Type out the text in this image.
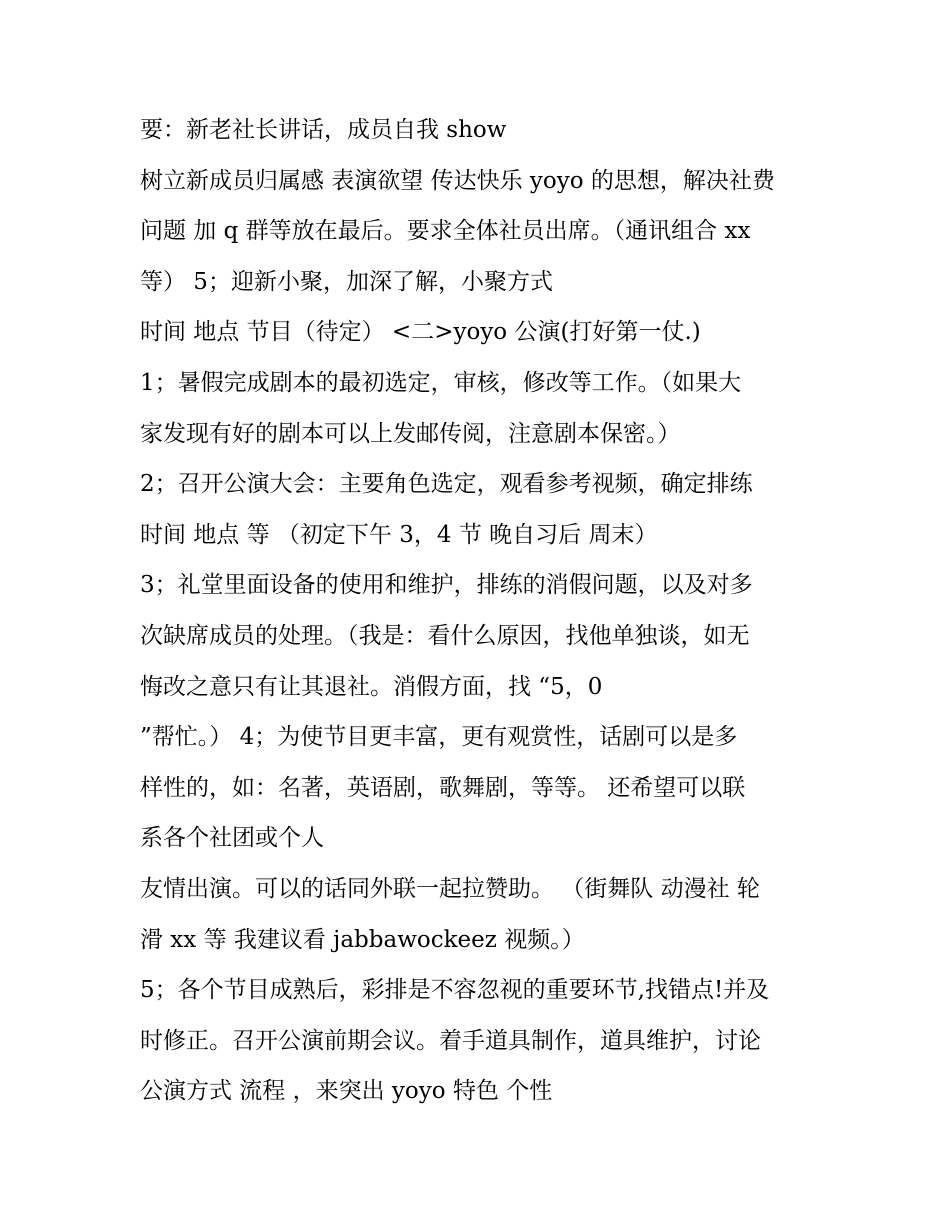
要：新老社长讲话，成员自我 show
树立新成员归属感 表演欲望 传达快乐 yoyo 的思想，解决社费
问题 加 q 群等放在最后。要求全体社员出席。（通讯组合 xx
等） 5；迎新小聚，加深了解，小聚方式
时间 地点 节目（待定） <二>yoyo 公演(打好第一仗.)
1；暑假完成剧本的最初选定，审核，修改等工作。（如果大
家发现有好的剧本可以上发邮传阅，注意剧本保密。）
2；召开公演大会：主要角色选定，观看参考视频，确定排练
时间 地点 等 （初定下午 3，4 节 晚自习后 周末）
3；礼堂里面设备的使用和维护，排练的消假问题，以及对多
次缺席成员的处理。（我是：看什么原因，找他单独谈，如无
悔改之意只有让其退社。消假方面，找 “5，0
”帮忙。） 4；为使节目更丰富，更有观赏性，话剧可以是多
样性的，如：名著，英语剧，歌舞剧，等等。 还希望可以联
系各个社团或个人
友情出演。可以的话同外联一起拉赞助。 （街舞队 动漫社 轮
滑 xx 等 我建议看 jabbawockeez 视频。）
5；各个节目成熟后，彩排是不容忽视的重要环节,找错点!并及
时修正。召开公演前期会议。着手道具制作，道具维护，讨论
公演方式 流程 ，来突出 yoyo 特色 个性
